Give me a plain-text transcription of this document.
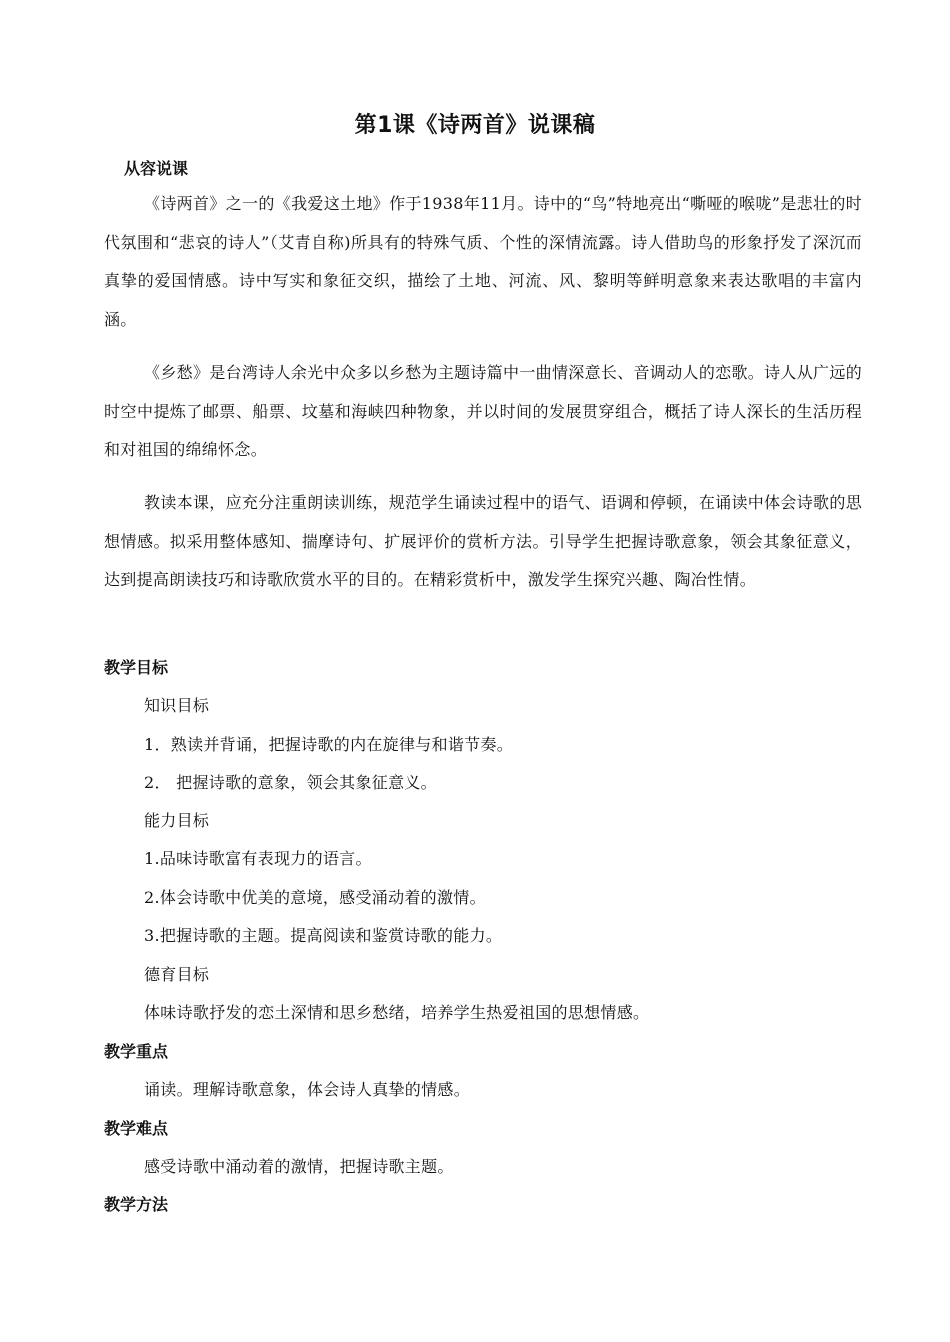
第1课《诗两首》说课稿
从容说课
《诗两首》之一的《我爱这土地》作于1938年11月。诗中的“鸟”特地亮出“嘶哑的喉咙”是悲壮的时代氛围和“悲哀的诗人”（艾青自称)所具有的特殊气质、个性的深情流露。诗人借助鸟的形象抒发了深沉而真挚的爱国情感。诗中写实和象征交织，描绘了土地、河流、风、黎明等鲜明意象来表达歌唱的丰富内涵。
《乡愁》是台湾诗人余光中众多以乡愁为主题诗篇中一曲情深意长、音调动人的恋歌。诗人从广远的时空中提炼了邮票、船票、坟墓和海峡四种物象，并以时间的发展贯穿组合，概括了诗人深长的生活历程和对祖国的绵绵怀念。
教读本课，应充分注重朗读训练，规范学生诵读过程中的语气、语调和停顿，在诵读中体会诗歌的思想情感。拟采用整体感知、揣摩诗句、扩展评价的赏析方法。引导学生把握诗歌意象，领会其象征意义，达到提高朗读技巧和诗歌欣赏水平的目的。在精彩赏析中，激发学生探究兴趣、陶冶性情。
教学目标
知识目标
1．熟读并背诵，把握诗歌的内在旋律与和谐节奏。
2． 把握诗歌的意象，领会其象征意义。
能力目标
1.品味诗歌富有表现力的语言。
2.体会诗歌中优美的意境，感受涌动着的激情。
3.把握诗歌的主题。提高阅读和鉴赏诗歌的能力。
德育目标
体味诗歌抒发的恋土深情和思乡愁绪，培养学生热爱祖国的思想情感。
教学重点
诵读。理解诗歌意象，体会诗人真挚的情感。
教学难点
感受诗歌中涌动着的激情，把握诗歌主题。
教学方法
